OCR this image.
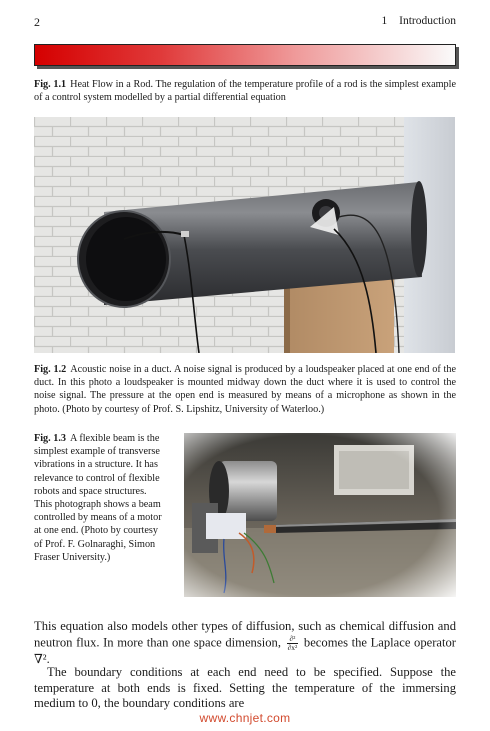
2	1 Introduction
Fig. 1.1 Heat Flow in a Rod. The regulation of the temperature profile of a rod is the simplest example of a control system modelled by a partial differential equation
Fig. 1.2 Acoustic noise in a duct. A noise signal is produced by a loudspeaker placed at one end of the duct. In this photo a loudspeaker is mounted midway down the duct where it is used to control the noise signal. The pressure at the open end is measured by means of a microphone as shown in the photo. (Photo by courtesy of Prof. S. Lipshitz, University of Waterloo.)
Fig. 1.3 A flexible beam is the simplest example of transverse vibrations in a structure. It has relevance to control of flexible robots and space structures. This photograph shows a beam controlled by means of a motor at one end. (Photo by courtesy of Prof. F. Golnaraghi, Simon Fraser University.)

This equation also models other types of diffusion, such as chemical diffusion and neutron flux. In more than one space dimension, $\frac{\text{∂²}}{\text{∂x²}}$ becomes the Laplace operator ∇².

The boundary conditions at each end need to be specified. Suppose the temperature at both ends is fixed. Setting the temperature of the immersing medium to 0, the boundary conditions are

www.chnjet.com
